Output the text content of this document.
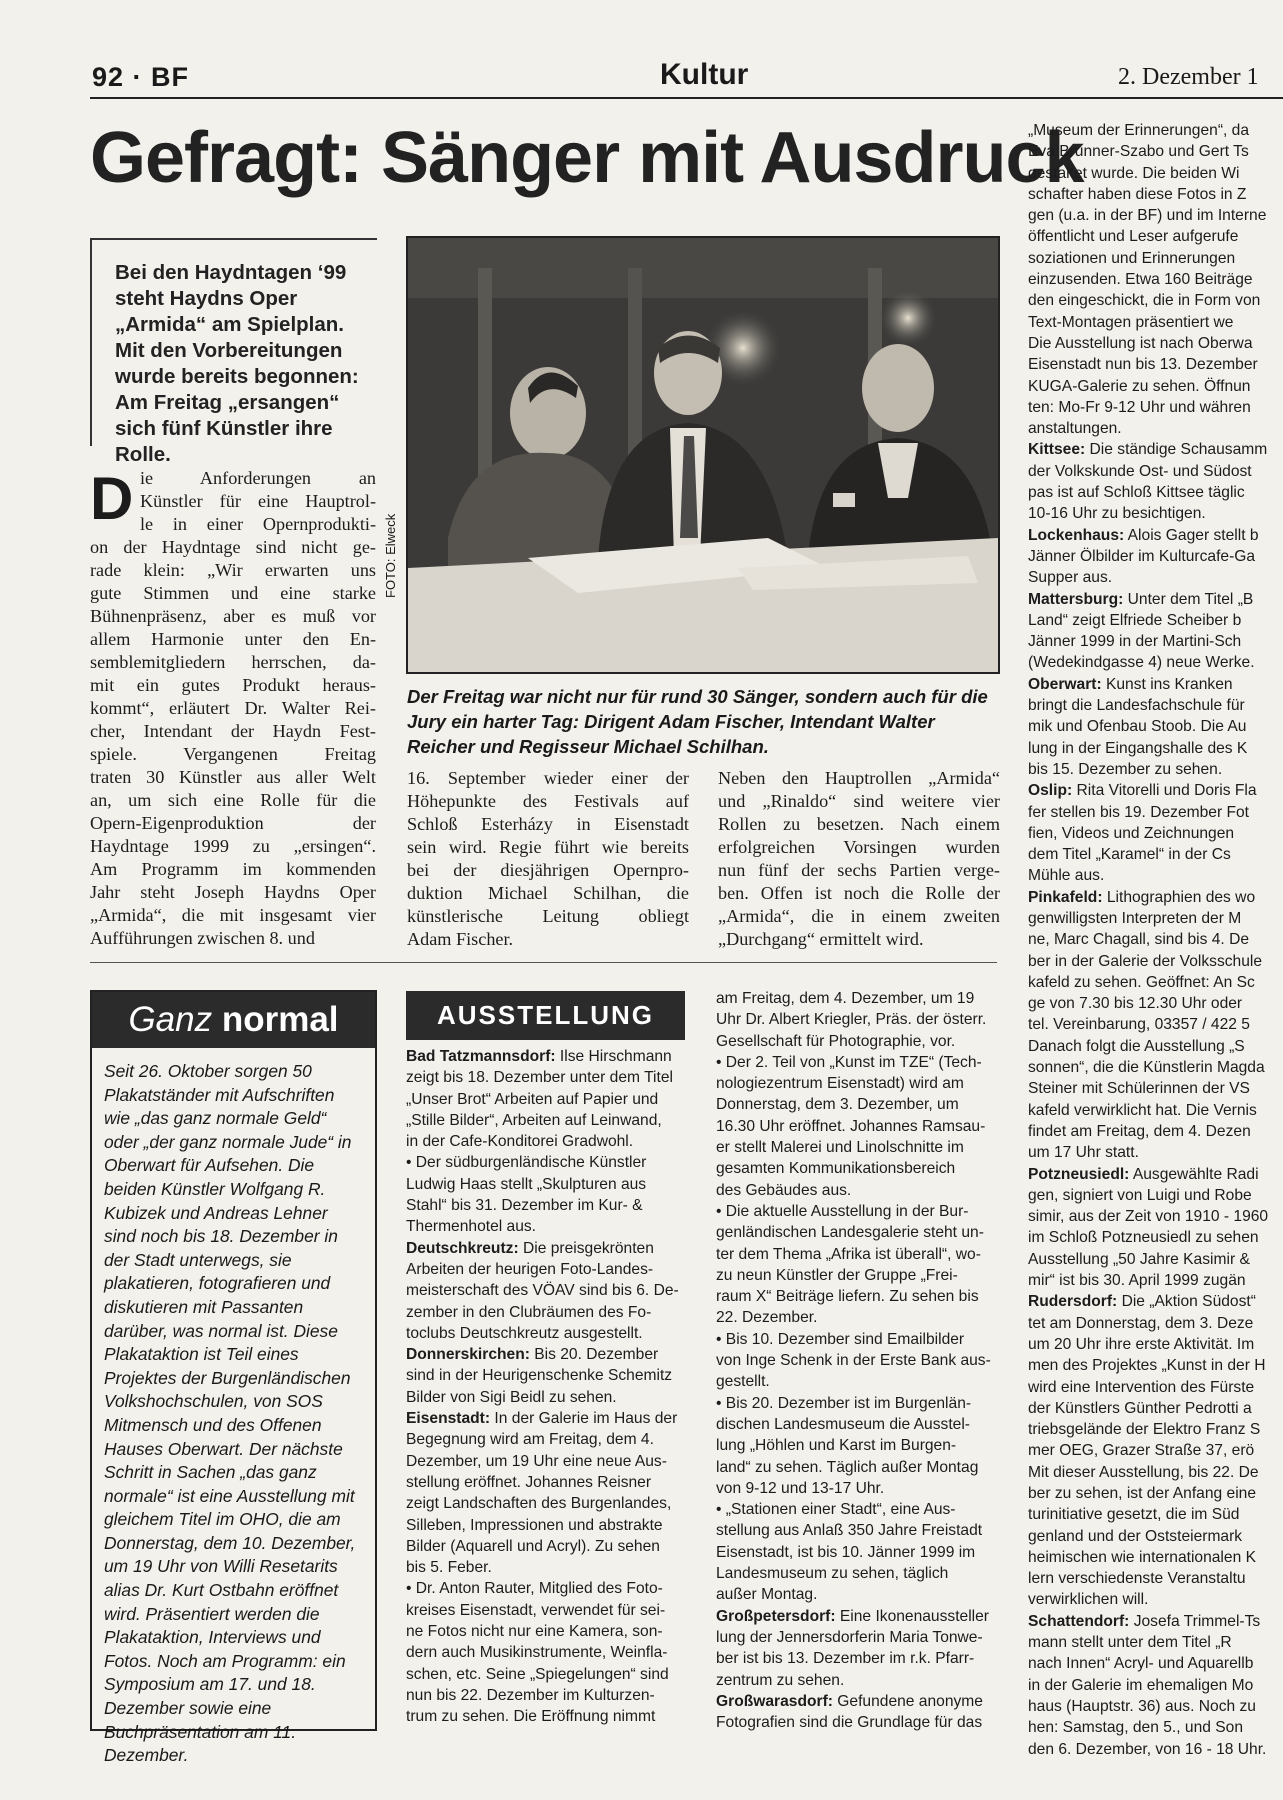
92 · BF	Kultur	2. Dezember 1
Gefragt: Sänger mit Ausdruck
Bei den Haydntagen ‘99 steht Haydns Oper „Armida“ am Spielplan. Mit den Vorbereitungen wurde bereits begonnen: Am Freitag „ersangen“ sich fünf Künstler ihre Rolle.
D ie Anforderungen an
Künstler für eine Hauptrol-
le in einer Opernprodukti-
on der Haydntage sind nicht ge-
rade klein: „Wir erwarten uns
gute Stimmen und eine starke
Bühnenpräsenz, aber es muß vor
allem Harmonie unter den En-
semblemitgliedern herrschen, da-
mit ein gutes Produkt heraus-
kommt“, erläutert Dr. Walter Rei-
cher, Intendant der Haydn Fest-
spiele. Vergangenen Freitag
traten 30 Künstler aus aller Welt
an, um sich eine Rolle für die
Opern-Eigenproduktion der
Haydntage 1999 zu „ersingen“.
Am Programm im kommenden
Jahr steht Joseph Haydns Oper
„Armida“, die mit insgesamt vier
Aufführungen zwischen 8. und
FOTO: Elweck
Der Freitag war nicht nur für rund 30 Sänger, sondern auch für die Jury ein harter Tag: Dirigent Adam Fischer, Intendant Walter Reicher und Regisseur Michael Schilhan.
16. September wieder einer der
Höhepunkte des Festivals auf
Schloß Esterházy in Eisenstadt
sein wird. Regie führt wie bereits
bei der diesjährigen Opernpro-
duktion Michael Schilhan, die
künstlerische Leitung obliegt
Adam Fischer.
Neben den Hauptrollen „Armida“
und „Rinaldo“ sind weitere vier
Rollen zu besetzen. Nach einem
erfolgreichen Vorsingen wurden
nun fünf der sechs Partien verge-
ben. Offen ist noch die Rolle der
„Armida“, die in einem zweiten
„Durchgang“ ermittelt wird.
Ganz normal
Seit 26. Oktober sorgen 50 Plakatständer mit Aufschriften wie „das ganz normale Geld“ oder „der ganz normale Jude“ in Oberwart für Aufsehen. Die beiden Künstler Wolfgang R. Kubizek und Andreas Lehner sind noch bis 18. Dezember in der Stadt unterwegs, sie plakatieren, fotografieren und diskutieren mit Passanten darüber, was normal ist. Diese Plakataktion ist Teil eines Projektes der Burgenländischen Volkshochschulen, von SOS Mitmensch und des Offenen Hauses Oberwart. Der nächste Schritt in Sachen „das ganz normale“ ist eine Ausstellung mit gleichem Titel im OHO, die am Donnerstag, dem 10. Dezember, um 19 Uhr von Willi Resetarits alias Dr. Kurt Ostbahn eröffnet wird. Präsentiert werden die Plakataktion, Interviews und Fotos. Noch am Programm: ein Symposium am 17. und 18. Dezember sowie eine Buchpräsentation am 11. Dezember.
AUSSTELLUNG
Bad Tatzmannsdorf: Ilse Hirschmann
zeigt bis 18. Dezember unter dem Titel
„Unser Brot“ Arbeiten auf Papier und
„Stille Bilder“, Arbeiten auf Leinwand,
in der Cafe-Konditorei Gradwohl.
• Der südburgenländische Künstler
Ludwig Haas stellt „Skulpturen aus
Stahl“ bis 31. Dezember im Kur- &
Thermenhotel aus.
Deutschkreutz: Die preisgekrönten
Arbeiten der heurigen Foto-Landes-
meisterschaft des VÖAV sind bis 6. De-
zember in den Clubräumen des Fo-
toclubs Deutschkreutz ausgestellt.
Donnerskirchen: Bis 20. Dezember
sind in der Heurigenschenke Schemitz
Bilder von Sigi Beidl zu sehen.
Eisenstadt: In der Galerie im Haus der
Begegnung wird am Freitag, dem 4.
Dezember, um 19 Uhr eine neue Aus-
stellung eröffnet. Johannes Reisner
zeigt Landschaften des Burgenlandes,
Silleben, Impressionen und abstrakte
Bilder (Aquarell und Acryl). Zu sehen
bis 5. Feber.
• Dr. Anton Rauter, Mitglied des Foto-
kreises Eisenstadt, verwendet für sei-
ne Fotos nicht nur eine Kamera, son-
dern auch Musikinstrumente, Weinfla-
schen, etc. Seine „Spiegelungen“ sind
nun bis 22. Dezember im Kulturzen-
trum zu sehen. Die Eröffnung nimmt
am Freitag, dem 4. Dezember, um 19
Uhr Dr. Albert Kriegler, Präs. der österr.
Gesellschaft für Photographie, vor.
• Der 2. Teil von „Kunst im TZE“ (Tech-
nologiezentrum Eisenstadt) wird am
Donnerstag, dem 3. Dezember, um
16.30 Uhr eröffnet. Johannes Ramsau-
er stellt Malerei und Linolschnitte im
gesamten Kommunikationsbereich
des Gebäudes aus.
• Die aktuelle Ausstellung in der Bur-
genländischen Landesgalerie steht un-
ter dem Thema „Afrika ist überall“, wo-
zu neun Künstler der Gruppe „Frei-
raum X“ Beiträge liefern. Zu sehen bis
22. Dezember.
• Bis 10. Dezember sind Emailbilder
von Inge Schenk in der Erste Bank aus-
gestellt.
• Bis 20. Dezember ist im Burgenlän-
dischen Landesmuseum die Ausstel-
lung „Höhlen und Karst im Burgen-
land“ zu sehen. Täglich außer Montag
von 9-12 und 13-17 Uhr.
• „Stationen einer Stadt“, eine Aus-
stellung aus Anlaß 350 Jahre Freistadt
Eisenstadt, ist bis 10. Jänner 1999 im
Landesmuseum zu sehen, täglich
außer Montag.
Großpetersdorf: Eine Ikonenaussteller
lung der Jennersdorferin Maria Tonwe-
ber ist bis 13. Dezember im r.k. Pfarr-
zentrum zu sehen.
Großwarasdorf: Gefundene anonyme
Fotografien sind die Grundlage für das
„Museum der Erinnerungen“, da
Eva Brunner-Szabo und Gert Ts
gestaltet wurde. Die beiden Wi
schafter haben diese Fotos in Z
gen (u.a. in der BF) und im Interne
öffentlicht und Leser aufgerufe
soziationen und Erinnerungen
einzusenden. Etwa 160 Beiträge
den eingeschickt, die in Form von
Text-Montagen präsentiert we
Die Ausstellung ist nach Oberwa
Eisenstadt nun bis 13. Dezember
KUGA-Galerie zu sehen. Öffnun
ten: Mo-Fr 9-12 Uhr und währen
anstaltungen.
Kittsee: Die ständige Schausamm
der Volkskunde Ost- und Südost
pas ist auf Schloß Kittsee täglic
10-16 Uhr zu besichtigen.
Lockenhaus: Alois Gager stellt b
Jänner Ölbilder im Kulturcafe-Ga
Supper aus.
Mattersburg: Unter dem Titel „B
Land“ zeigt Elfriede Scheiber b
Jänner 1999 in der Martini-Sch
(Wedekindgasse 4) neue Werke.
Oberwart: Kunst ins Kranken
bringt die Landesfachschule für
mik und Ofenbau Stoob. Die Au
lung in der Eingangshalle des K
bis 15. Dezember zu sehen.
Oslip: Rita Vitorelli und Doris Fla
fer stellen bis 19. Dezember Fot
fien, Videos und Zeichnungen
dem Titel „Karamel“ in der Cs
Mühle aus.
Pinkafeld: Lithographien des wo
genwilligsten Interpreten der M
ne, Marc Chagall, sind bis 4. De
ber in der Galerie der Volksschule
kafeld zu sehen. Geöffnet: An Sc
ge von 7.30 bis 12.30 Uhr oder
tel. Vereinbarung, 03357 / 422 5
Danach folgt die Ausstellung „S
sonnen“, die die Künstlerin Magda
Steiner mit Schülerinnen der VS
kafeld verwirklicht hat. Die Vernis
findet am Freitag, dem 4. Dezen
um 17 Uhr statt.
Potzneusiedl: Ausgewählte Radi
gen, signiert von Luigi und Robe
simir, aus der Zeit von 1910 - 1960
im Schloß Potzneusiedl zu sehen
Ausstellung „50 Jahre Kasimir &
mir“ ist bis 30. April 1999 zugän
Rudersdorf: Die „Aktion Südost“
tet am Donnerstag, dem 3. Deze
um 20 Uhr ihre erste Aktivität. Im
men des Projektes „Kunst in der H
wird eine Intervention des Fürste
der Künstlers Günther Pedrotti a
triebsgelände der Elektro Franz S
mer OEG, Grazer Straße 37, erö
Mit dieser Ausstellung, bis 22. De
ber zu sehen, ist der Anfang eine
turinitiative gesetzt, die im Süd
genland und der Oststeiermark
heimischen wie internationalen K
lern verschiedenste Veranstaltu
verwirklichen will.
Schattendorf: Josefa Trimmel-Ts
mann stellt unter dem Titel „R
nach Innen“ Acryl- und Aquarellb
in der Galerie im ehemaligen Mo
haus (Hauptstr. 36) aus. Noch zu
hen: Samstag, den 5., und Son
den 6. Dezember, von 16 - 18 Uhr.
